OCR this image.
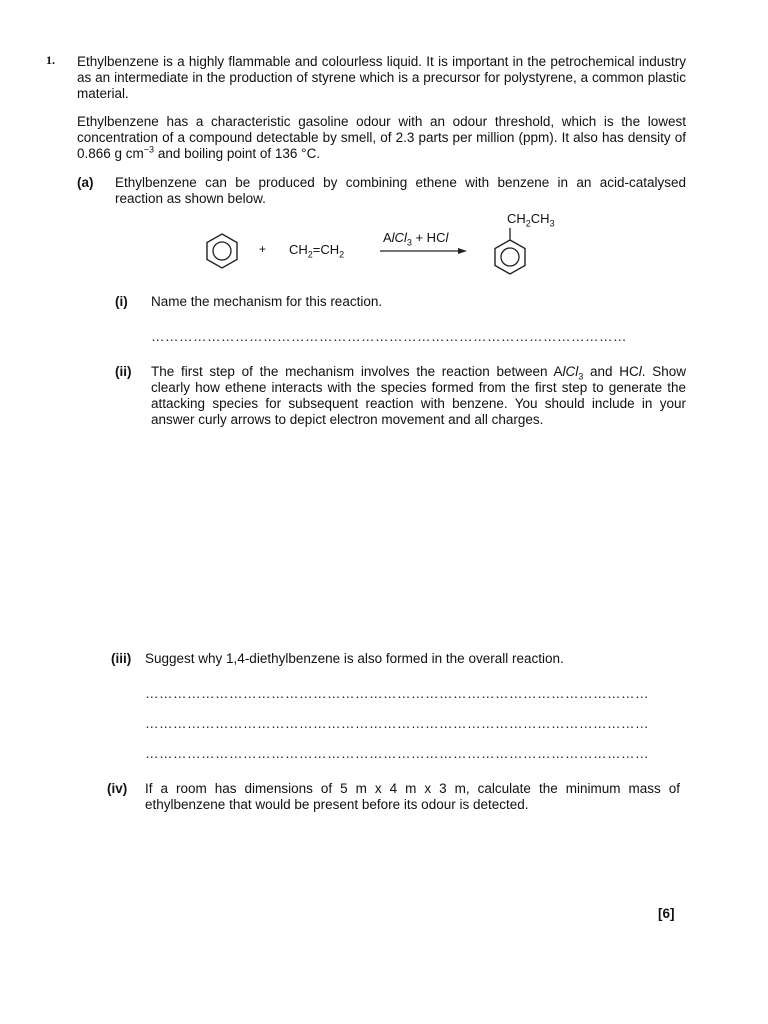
1. Ethylbenzene is a highly flammable and colourless liquid. It is important in the petrochemical industry as an intermediate in the production of styrene which is a precursor for polystyrene, a common plastic material.
Ethylbenzene has a characteristic gasoline odour with an odour threshold, which is the lowest concentration of a compound detectable by smell, of 2.3 parts per million (ppm). It also has density of 0.866 g $cm^{-3}$ and boiling point of 136 °C.
(a) Ethylbenzene can be produced by combining ethene with benzene in an acid-catalysed reaction as shown below.
+ $CH_2=CH_2$
AlCl$_3$ + HCl
$CH_2CH_3$
(i) Name the mechanism for this reaction.
…………………………………………………………………………………………
(ii) The first step of the mechanism involves the reaction between AlCl$_3$ and HCl. Show clearly how ethene interacts with the species formed from the first step to generate the attacking species for subsequent reaction with benzene. You should include in your answer curly arrows to depict electron movement and all charges.
(iii) Suggest why 1,4-diethylbenzene is also formed in the overall reaction.
………………………………………………………………………………………………
………………………………………………………………………………………………
………………………………………………………………………………………………
(iv) If a room has dimensions of 5 m x 4 m x 3 m, calculate the minimum mass of ethylbenzene that would be present before its odour is detected.
[6]
